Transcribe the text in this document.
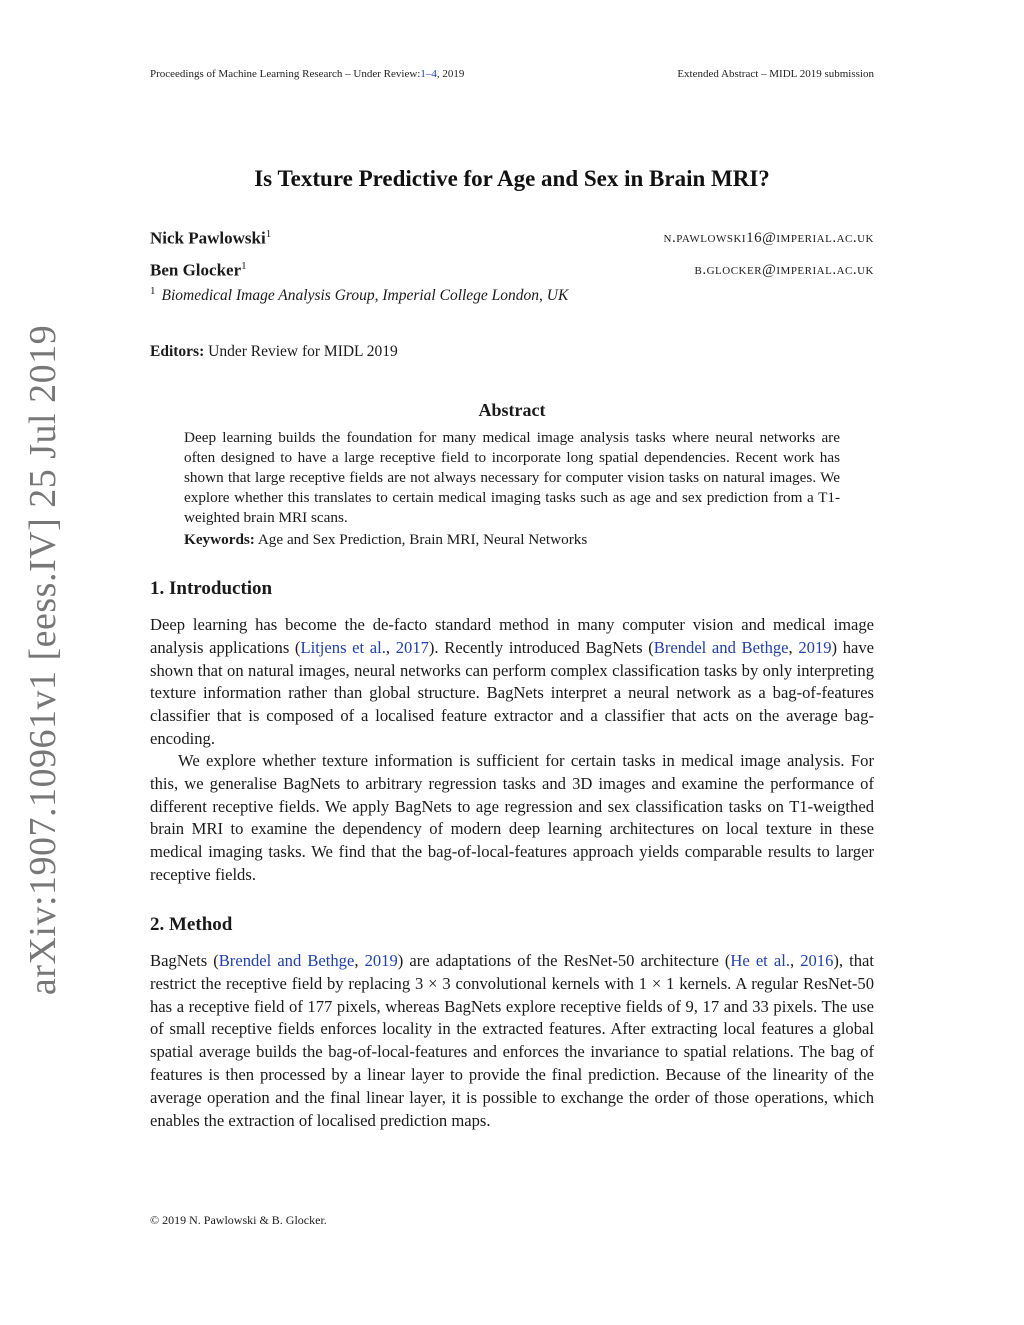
Proceedings of Machine Learning Research – Under Review:1–4, 2019	Extended Abstract – MIDL 2019 submission
arXiv:1907.10961v1 [eess.IV] 25 Jul 2019
Is Texture Predictive for Age and Sex in Brain MRI?
Nick Pawlowski$^1$	n.pawlowski16@imperial.ac.uk
Ben Glocker$^1$	b.glocker@imperial.ac.uk
$^1$ Biomedical Image Analysis Group, Imperial College London, UK
Editors: Under Review for MIDL 2019
Abstract
Deep learning builds the foundation for many medical image analysis tasks where neural networks are often designed to have a large receptive field to incorporate long spatial dependencies. Recent work has shown that large receptive fields are not always necessary for computer vision tasks on natural images. We explore whether this translates to certain medical imaging tasks such as age and sex prediction from a T1-weighted brain MRI scans.
Keywords: Age and Sex Prediction, Brain MRI, Neural Networks
1. Introduction
Deep learning has become the de-facto standard method in many computer vision and medical image analysis applications (Litjens et al., 2017). Recently introduced BagNets (Brendel and Bethge, 2019) have shown that on natural images, neural networks can perform complex classification tasks by only interpreting texture information rather than global structure. BagNets interpret a neural network as a bag-of-features classifier that is composed of a localised feature extractor and a classifier that acts on the average bag-encoding.
We explore whether texture information is sufficient for certain tasks in medical image analysis. For this, we generalise BagNets to arbitrary regression tasks and 3D images and examine the performance of different receptive fields. We apply BagNets to age regression and sex classification tasks on T1-weigthed brain MRI to examine the dependency of modern deep learning architectures on local texture in these medical imaging tasks. We find that the bag-of-local-features approach yields comparable results to larger receptive fields.
2. Method
BagNets (Brendel and Bethge, 2019) are adaptations of the ResNet-50 architecture (He et al., 2016), that restrict the receptive field by replacing 3 × 3 convolutional kernels with 1 × 1 kernels. A regular ResNet-50 has a receptive field of 177 pixels, whereas BagNets explore receptive fields of 9, 17 and 33 pixels. The use of small receptive fields enforces locality in the extracted features. After extracting local features a global spatial average builds the bag-of-local-features and enforces the invariance to spatial relations. The bag of features is then processed by a linear layer to provide the final prediction. Because of the linearity of the average operation and the final linear layer, it is possible to exchange the order of those operations, which enables the extraction of localised prediction maps.
© 2019 N. Pawlowski & B. Glocker.
